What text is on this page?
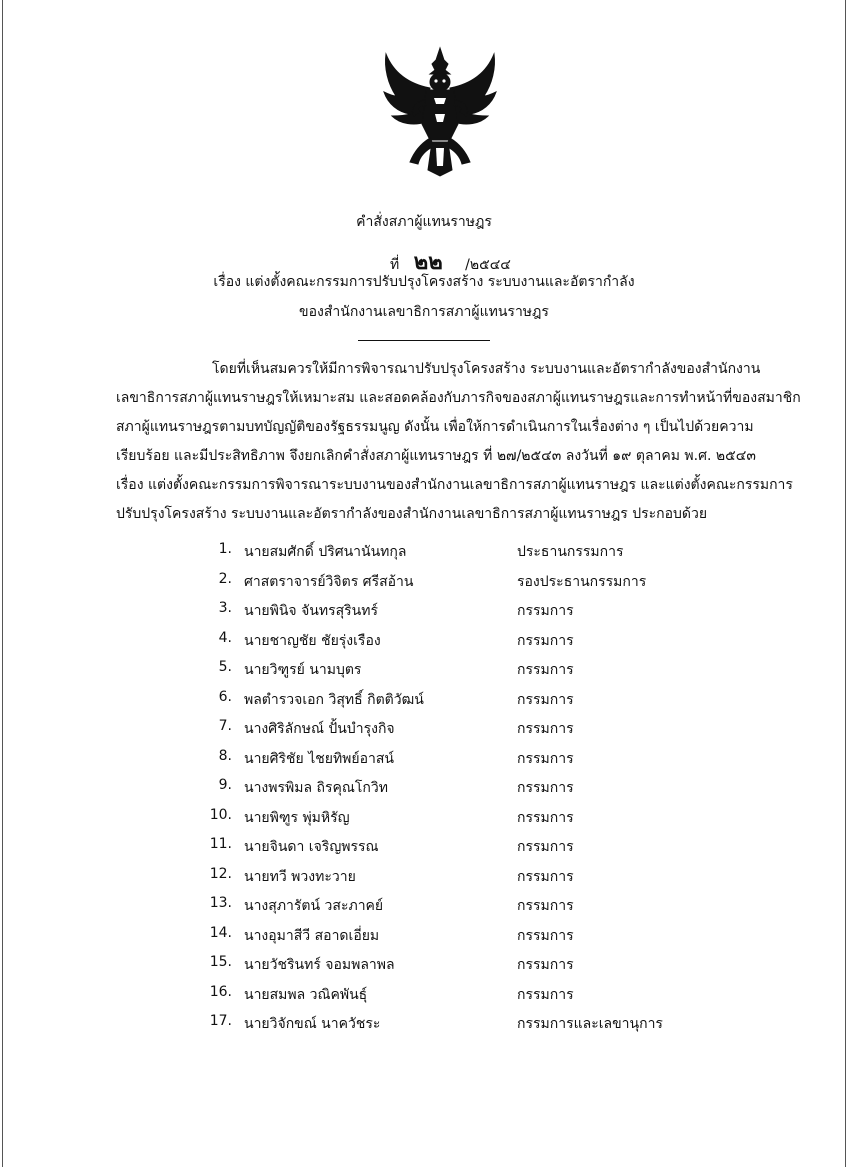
คำสั่งสภาผู้แทนราษฎร
ที่ ๒๒ /๒๕๔๔
เรื่อง แต่งตั้งคณะกรรมการปรับปรุงโครงสร้าง ระบบงานและอัตรากำลัง
ของสำนักงานเลขาธิการสภาผู้แทนราษฎร
โดยที่เห็นสมควรให้มีการพิจารณาปรับปรุงโครงสร้าง ระบบงานและอัตรากำลังของสำนักงาน
เลขาธิการสภาผู้แทนราษฎรให้เหมาะสม และสอดคล้องกับภารกิจของสภาผู้แทนราษฎรและการทำหน้าที่ของสมาชิก
สภาผู้แทนราษฎรตามบทบัญญัติของรัฐธรรมนูญ ดังนั้น เพื่อให้การดำเนินการในเรื่องต่าง ๆ เป็นไปด้วยความ
เรียบร้อย และมีประสิทธิภาพ จึงยกเลิกคำสั่งสภาผู้แทนราษฎร ที่ ๒๗/๒๕๔๓ ลงวันที่ ๑๙ ตุลาคม พ.ศ. ๒๕๔๓
เรื่อง แต่งตั้งคณะกรรมการพิจารณาระบบงานของสำนักงานเลขาธิการสภาผู้แทนราษฎร และแต่งตั้งคณะกรรมการ
ปรับปรุงโครงสร้าง ระบบงานและอัตรากำลังของสำนักงานเลขาธิการสภาผู้แทนราษฎร ประกอบด้วย
1. นายสมศักดิ์ ปริศนานันทกุล	ประธานกรรมการ
2. ศาสตราจารย์วิจิตร ศรีสอ้าน	รองประธานกรรมการ
3. นายพินิจ จันทรสุรินทร์	กรรมการ
4. นายชาญชัย ชัยรุ่งเรือง	กรรมการ
5. นายวิฑูรย์ นามบุตร	กรรมการ
6. พลตำรวจเอก วิสุทธิ์ กิตติวัฒน์	กรรมการ
7. นางศิริลักษณ์ ปั้นบำรุงกิจ	กรรมการ
8. นายศิริชัย ไชยทิพย์อาสน์	กรรมการ
9. นางพรพิมล ถิรคุณโกวิท	กรรมการ
10. นายพิฑูร พุ่มหิรัญ	กรรมการ
11. นายจินดา เจริญพรรณ	กรรมการ
12. นายทวี พวงทะวาย	กรรมการ
13. นางสุภารัตน์ วสะภาคย์	กรรมการ
14. นางอุมาสีวี สอาดเอี่ยม	กรรมการ
15. นายวัชรินทร์ จอมพลาพล	กรรมการ
16. นายสมพล วณิคพันธุ์	กรรมการ
17. นายวิจักขณ์ นาควัชระ	กรรมการและเลขานุการ
